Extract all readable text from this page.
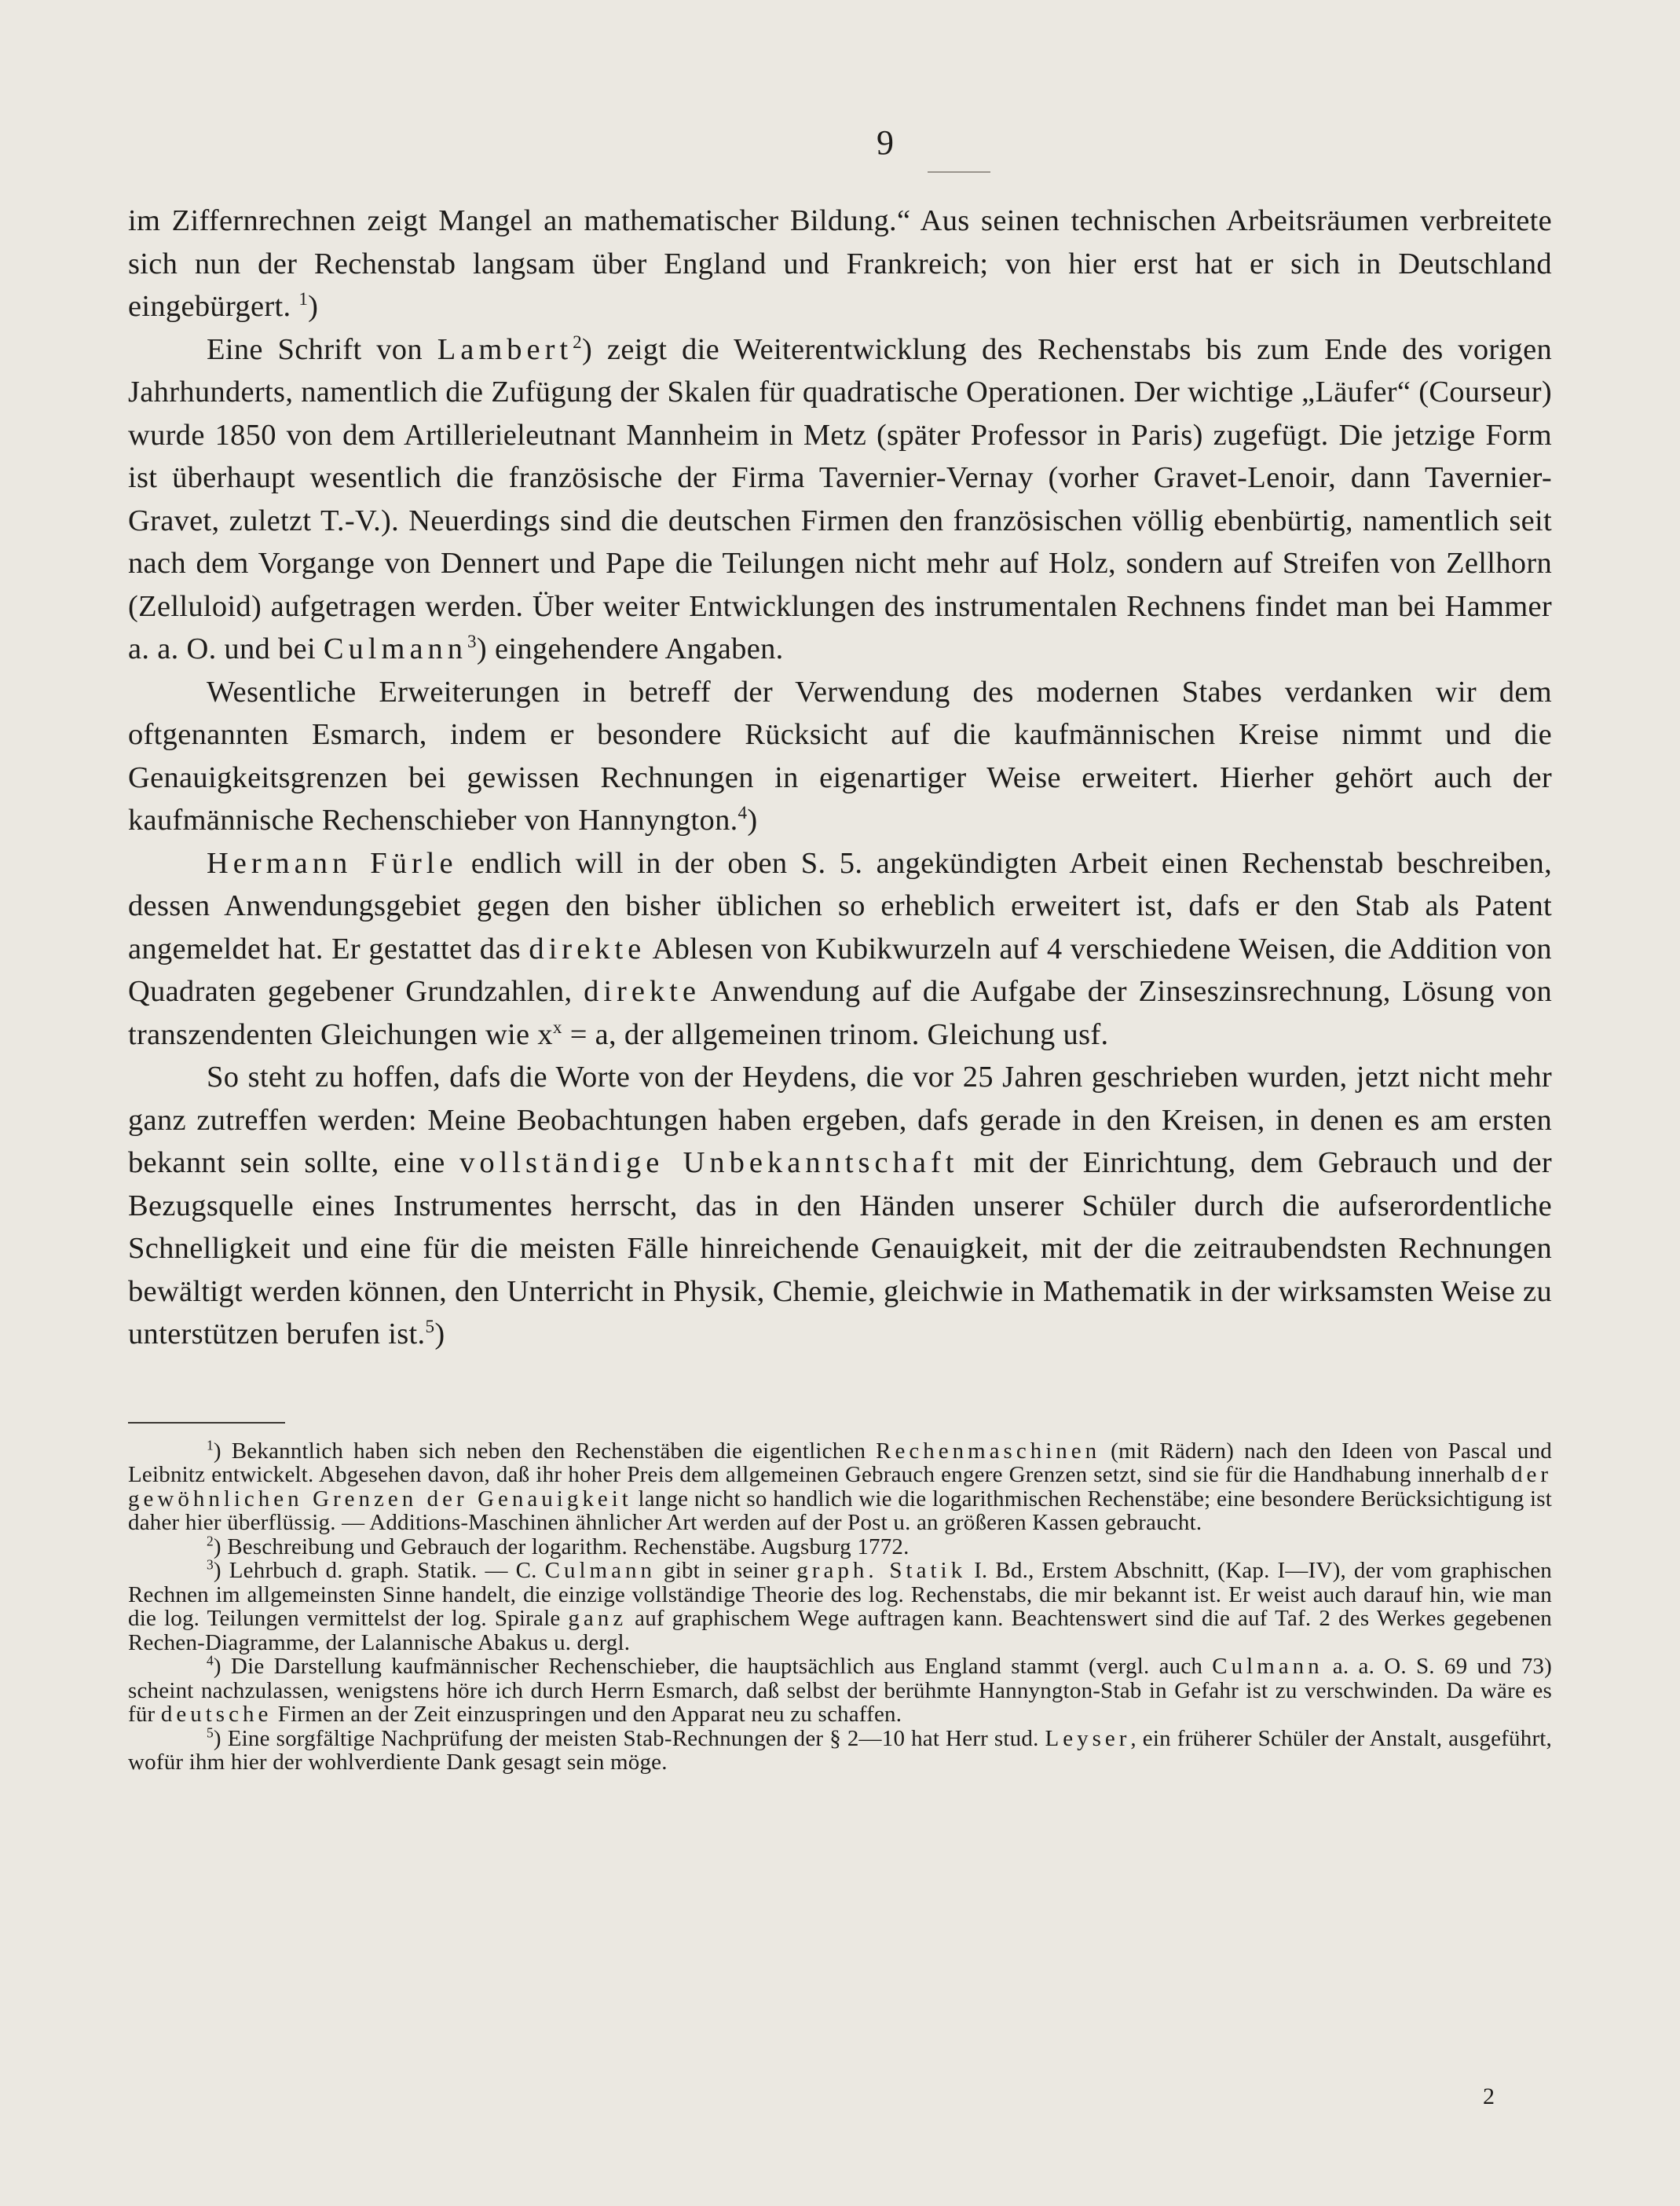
9

im Ziffernrechnen zeigt Mangel an mathematischer Bildung.“ Aus seinen technischen Arbeitsräumen verbreitete sich nun der Rechenstab langsam über England und Frankreich; von hier erst hat er sich in Deutschland eingebürgert. $^1$)

Eine Schrift von Lambert$^2$) zeigt die Weiterentwicklung des Rechenstabs bis zum Ende des vorigen Jahrhunderts, namentlich die Zufügung der Skalen für quadratische Operationen. Der wichtige „Läufer“ (Courseur) wurde 1850 von dem Artillerieleutnant Mannheim in Metz (später Professor in Paris) zugefügt. Die jetzige Form ist überhaupt wesentlich die französische der Firma Tavernier-Vernay (vorher Gravet-Lenoir, dann Tavernier-Gravet, zuletzt T.-V.). Neuerdings sind die deutschen Firmen den französischen völlig ebenbürtig, namentlich seit nach dem Vorgange von Dennert und Pape die Teilungen nicht mehr auf Holz, sondern auf Streifen von Zellhorn (Zelluloid) aufgetragen werden. Über weiter Entwicklungen des instrumentalen Rechnens findet man bei Hammer a. a. O. und bei Culmann$^3$) eingehendere Angaben.

Wesentliche Erweiterungen in betreff der Verwendung des modernen Stabes verdanken wir dem oftgenannten Esmarch, indem er besondere Rücksicht auf die kaufmännischen Kreise nimmt und die Genauigkeitsgrenzen bei gewissen Rechnungen in eigenartiger Weise erweitert. Hierher gehört auch der kaufmännische Rechenschieber von Hannyngton.$^4$)

Hermann Fürle endlich will in der oben S. 5. angekündigten Arbeit einen Rechenstab beschreiben, dessen Anwendungsgebiet gegen den bisher üblichen so erheblich erweitert ist, dafs er den Stab als Patent angemeldet hat. Er gestattet das direkte Ablesen von Kubikwurzeln auf 4 verschiedene Weisen, die Addition von Quadraten gegebener Grundzahlen, direkte Anwendung auf die Aufgabe der Zinseszinsrechnung, Lösung von transzendenten Gleichungen wie $x^x = a$, der allgemeinen trinom. Gleichung usf.

So steht zu hoffen, dafs die Worte von der Heydens, die vor 25 Jahren geschrieben wurden, jetzt nicht mehr ganz zutreffen werden: Meine Beobachtungen haben ergeben, dafs gerade in den Kreisen, in denen es am ersten bekannt sein sollte, eine vollständige Unbekanntschaft mit der Einrichtung, dem Gebrauch und der Bezugsquelle eines Instrumentes herrscht, das in den Händen unserer Schüler durch die aufserordentliche Schnelligkeit und eine für die meisten Fälle hinreichende Genauigkeit, mit der die zeitraubendsten Rechnungen bewältigt werden können, den Unterricht in Physik, Chemie, gleichwie in Mathematik in der wirksamsten Weise zu unterstützen berufen ist.$^5$)

$^1$) Bekanntlich haben sich neben den Rechenstäben die eigentlichen Rechenmaschinen (mit Rädern) nach den Ideen von Pascal und Leibnitz entwickelt. Abgesehen davon, daß ihr hoher Preis dem allgemeinen Gebrauch engere Grenzen setzt, sind sie für die Handhabung innerhalb der gewöhnlichen Grenzen der Genauigkeit lange nicht so handlich wie die logarithmischen Rechenstäbe; eine besondere Berücksichtigung ist daher hier überflüssig. — Additions-Maschinen ähnlicher Art werden auf der Post u. an größeren Kassen gebraucht.

$^2$) Beschreibung und Gebrauch der logarithm. Rechenstäbe. Augsburg 1772.

$^3$) Lehrbuch d. graph. Statik. — C. Culmann gibt in seiner graph. Statik I. Bd., Erstem Abschnitt, (Kap. I—IV), der vom graphischen Rechnen im allgemeinsten Sinne handelt, die einzige vollständige Theorie des log. Rechenstabs, die mir bekannt ist. Er weist auch darauf hin, wie man die log. Teilungen vermittelst der log. Spirale ganz auf graphischem Wege auftragen kann. Beachtenswert sind die auf Taf. 2 des Werkes gegebenen Rechen-Diagramme, der Lalannische Abakus u. dergl.

$^4$) Die Darstellung kaufmännischer Rechenschieber, die hauptsächlich aus England stammt (vergl. auch Culmann a. a. O. S. 69 und 73) scheint nachzulassen, wenigstens höre ich durch Herrn Esmarch, daß selbst der berühmte Hannyngton-Stab in Gefahr ist zu verschwinden. Da wäre es für deutsche Firmen an der Zeit einzuspringen und den Apparat neu zu schaffen.

$^5$) Eine sorgfältige Nachprüfung der meisten Stab-Rechnungen der § 2—10 hat Herr stud. Leyser, ein früherer Schüler der Anstalt, ausgeführt, wofür ihm hier der wohlverdiente Dank gesagt sein möge.

2
